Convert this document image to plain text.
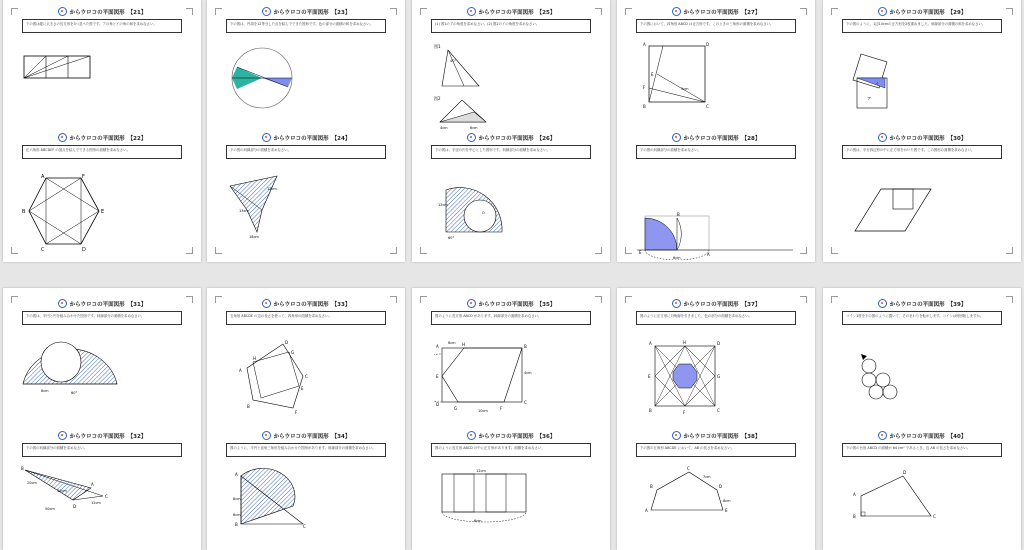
からウロコの平面図形 【21】
下の図は縦に大きさの長方形を3つ並べた図です。アの角とイの角の和を求めなさい。
からウロコの平面図形 【22】
正六角形 ABCDEF の頂点を結んでできる図形の面積を求めなさい。
A	F
B	E
C	D
からウロコの平面図形 【23】
下の図は、円周を12等分した点を結んでできた図形です。色の部分の面積の和を求めなさい。
からウロコの平面図形 【24】
下の図の斜線部分の面積を求めなさい。
12cm
13cm
18cm
からウロコの平面図形 【25】
(1) 図1のアの角度を求めなさい。(2) 図2のイの角度を求めなさい。
図1
40°
図2
4cm	6cm
からウロコの平面図形 【26】
下の図は、半径の円を中心とした図形です。斜線部分の面積を求めなさい。
12cm
O
60°
からウロコの平面図形 【27】
下の図において、四角形 ABCD は正方形です。このときの三角形の面積を求めなさい。
A	D
F
E
B	C
5cm
からウロコの平面図形 【28】
下の図の斜線部分の面積を求めなさい。
B
E	A
6cm
からウロコの平面図形 【29】
下の図のように、1辺10cmの正方形を2枚重ねました。斜線部分の面積の和を求めなさい。
イ
ア
からウロコの平面図形 【30】
下の図は、平行四辺形の中に正方形をかいた図です。この図形の面積を求めなさい。
からウロコの平面図形 【31】
下の図は、半円と円を組み合わせた図形です。斜線部分の面積を求めなさい。
6cm	60°
からウロコの平面図形 【32】
下の図の斜線部分の面積を求めなさい。
B
A
C
D
20cm
10cm
12cm
50cm
からウロコの平面図形 【33】
五角形 ABCDE の辺の長さを使って、四角形の面積を求めなさい。
H
D
A
G
C
E
F
B
からウロコの平面図形 【34】
図のように、半円と直角三角形を組み合わせた図形があります。斜線部分の面積を求めなさい。
A
B	C
8cm
6cm
からウロコの平面図形 【35】
図のように長方形 ABCD があります。斜線部分の面積を求めなさい。
A	H	B
E
C
G	F
D
6cm
10cm
4cm
からウロコの平面図形 【36】
図のように長方形 ABCD の中に正方形があります。面積を求めなさい。
12cm
6cm
からウロコの平面図形 【37】
図のように正方形に対角線を引きました。色の部分の面積を求めなさい。
A	H	D
E	G
B	F	C
からウロコの平面図形 【38】
下の図の五角形 ABCDE において、AB の長さを求めなさい。
A
B
C
D
E
7cm
8cm
からウロコの平面図形 【39】
コイン1枚を下の図のように置いて、そのまわりを転がします。コインは何回転しますか。
からウロコの平面図形 【40】
下の図の台形 ABCD の面積が 64 cm² であるとき、辺 AB の長さを求めなさい。
A
B	C
D
